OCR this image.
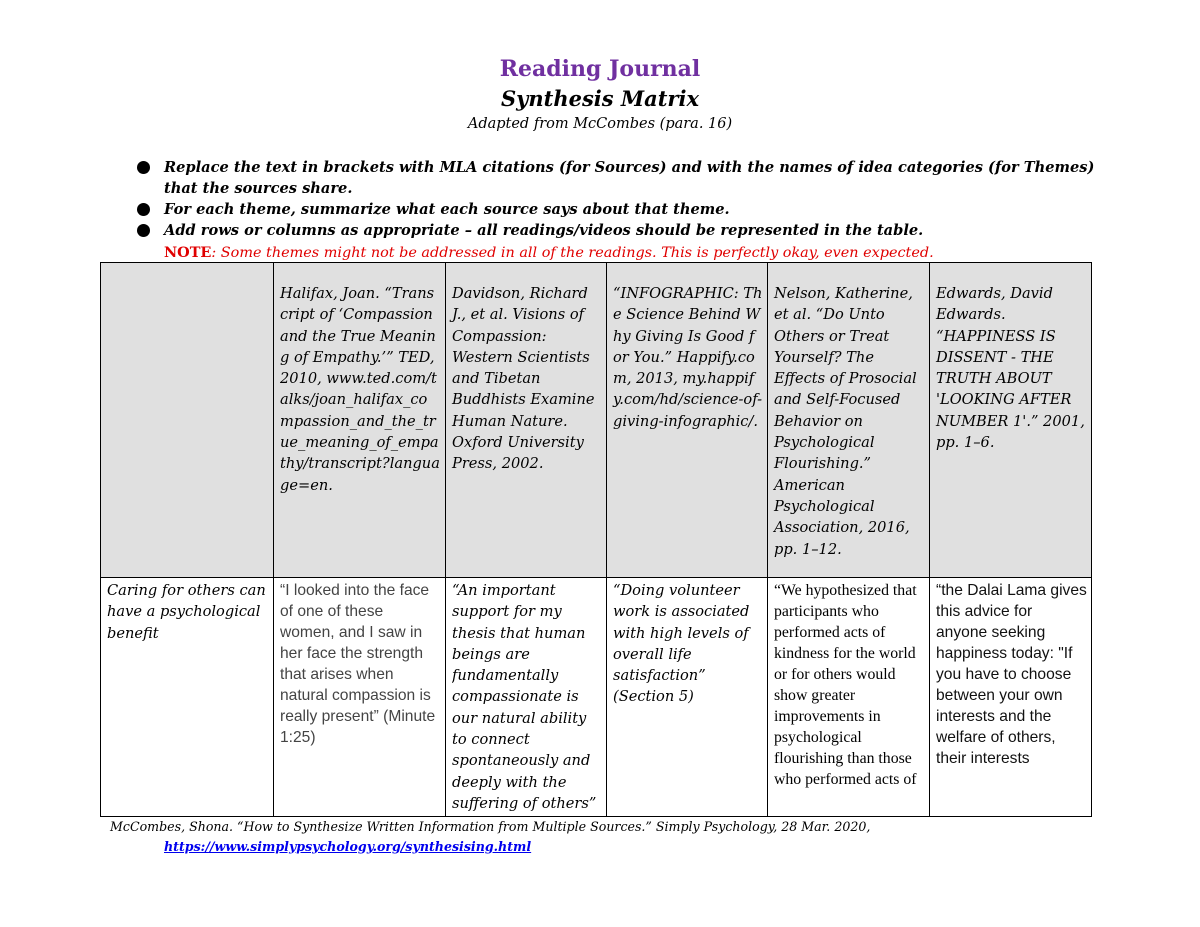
Reading Journal
Synthesis Matrix
Adapted from McCombes (para. 16)
Replace the text in brackets with MLA citations (for Sources) and with the names of idea categories (for Themes) that the sources share.
For each theme, summarize what each source says about that theme.
Add rows or columns as appropriate – all readings/videos should be represented in the table.
NOTE: Some themes might not be addressed in all of the readings. This is perfectly okay, even expected.
	Halifax, Joan. “Transcript of ‘Compassion and the True Meaning of Empathy.’” TED, 2010, www.ted.com/talks/joan_halifax_compassion_and_the_true_meaning_of_empathy/transcript?language=en.	Davidson, Richard J., et al. Visions of Compassion: Western Scientists and Tibetan Buddhists Examine Human Nature. Oxford University Press, 2002.	“INFOGRAPHIC: The Science Behind Why Giving Is Good for You.” Happify.com, 2013, my.happify.com/hd/science-of-giving-infographic/.	Nelson, Katherine, et al. “Do Unto Others or Treat Yourself? The Effects of Prosocial and Self-Focused Behavior on Psychological Flourishing.” American Psychological Association, 2016, pp. 1–12.	Edwards, David Edwards. “HAPPINESS IS DISSENT - THE TRUTH ABOUT 'LOOKING AFTER NUMBER 1'.” 2001, pp. 1–6.

Caring for others can have a psychological benefit	“I looked into the face of one of these women, and I saw in her face the strength that arises when natural compassion is really present” (Minute 1:25)	“An important support for my thesis that human beings are fundamentally compassionate is our natural ability to connect spontaneously and deeply with the suffering of others”	“Doing volunteer work is associated with high levels of overall life satisfaction” (Section 5)	“We hypothesized that participants who performed acts of kindness for the world or for others would show greater improvements in psychological flourishing than those who performed acts of	“the Dalai Lama gives this advice for anyone seeking happiness today: "If you have to choose between your own interests and the welfare of others, their interests
McCombes, Shona. “How to Synthesize Written Information from Multiple Sources.” Simply Psychology, 28 Mar. 2020,
https://www.simplypsychology.org/synthesising.html
